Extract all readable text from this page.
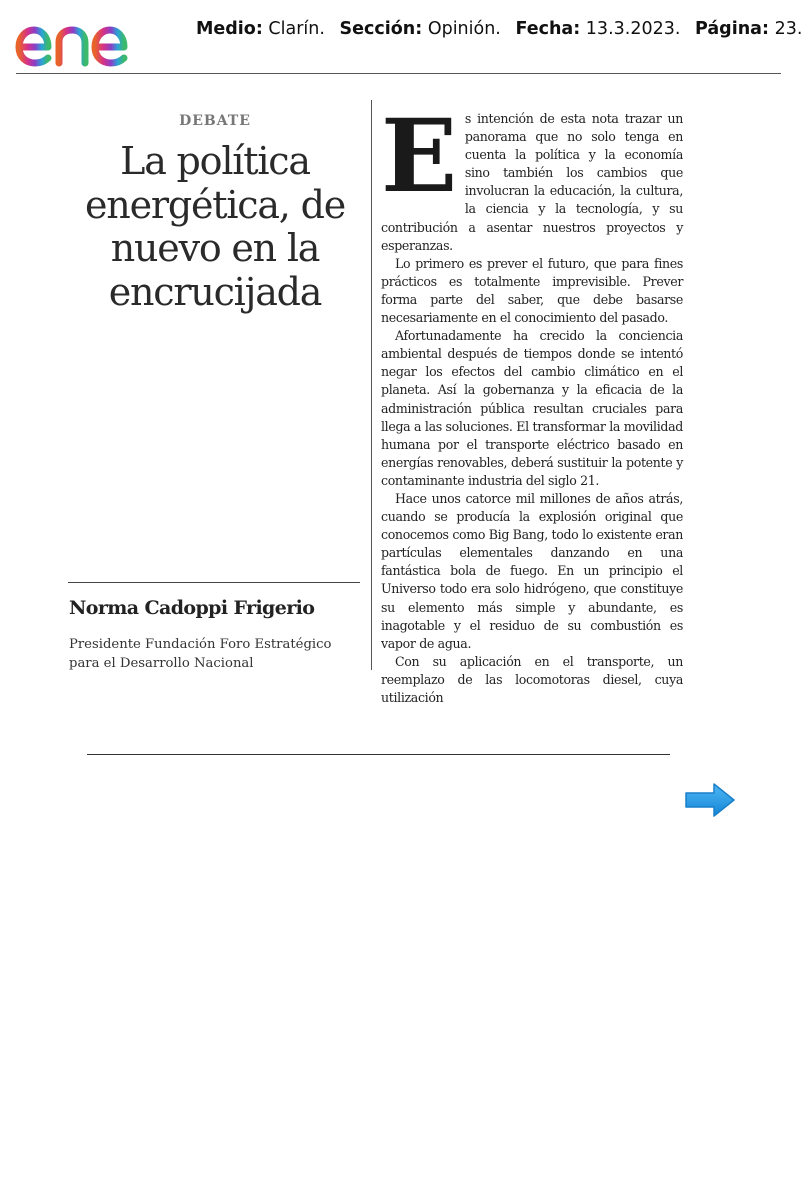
Medio: Clarín. Sección: Opinión. Fecha: 13.3.2023. Página: 23.
DEBATE
La política energética, de nuevo en la encrucijada
Norma Cadoppi Frigerio
Presidente Fundación Foro Estratégico para el Desarrollo Nacional

Es intención de esta nota trazar un panorama que no solo tenga en cuenta la política y la economía sino también los cambios que involucran la educación, la cultura, la ciencia y la tecnología, y su contribución a asentar nuestros proyectos y esperanzas.

Lo primero es prever el futuro, que para fines prácticos es totalmente imprevisible. Prever forma parte del saber, que debe basarse necesariamente en el conocimiento del pasado.

Afortunadamente ha crecido la conciencia ambiental después de tiempos donde se intentó negar los efectos del cambio climático en el planeta. Así la gobernanza y la eficacia de la administración pública resultan cruciales para llega a las soluciones. El transformar la movilidad humana por el transporte eléctrico basado en energías renovables, deberá sustituir la potente y contaminante industria del siglo 21.

Hace unos catorce mil millones de años atrás, cuando se producía la explosión original que conocemos como Big Bang, todo lo existente eran partículas elementales danzando en una fantástica bola de fuego. En un principio el Universo todo era solo hidrógeno, que constituye su elemento más simple y abundante, es inagotable y el residuo de su combustión es vapor de agua.

Con su aplicación en el transporte, un reemplazo de las locomotoras diesel, cuya utilización
